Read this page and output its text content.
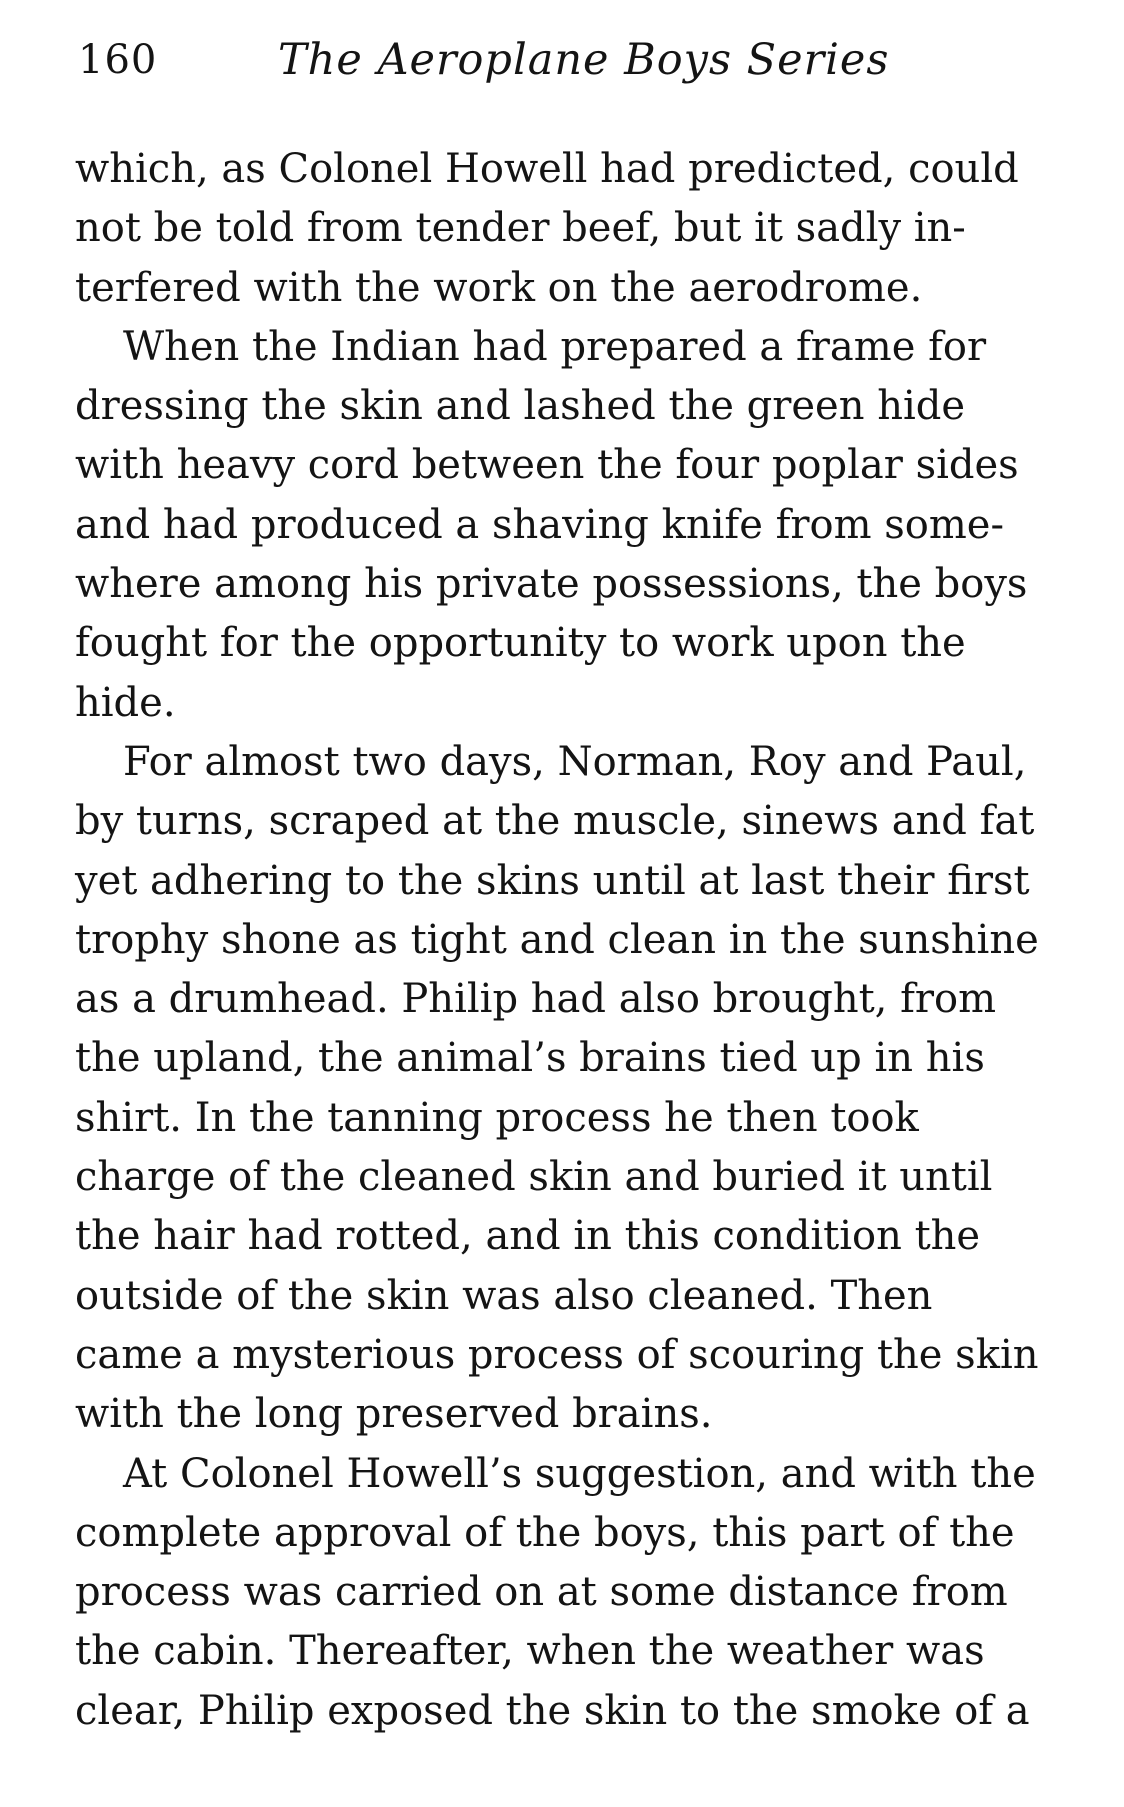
160	The Aeroplane Boys Series
which, as Colonel Howell had predicted, could
not be told from tender beef, but it sadly in-
terfered with the work on the aerodrome.
When the Indian had prepared a frame for
dressing the skin and lashed the green hide
with heavy cord between the four poplar sides
and had produced a shaving knife from some-
where among his private possessions, the boys
fought for the opportunity to work upon the
hide.
For almost two days, Norman, Roy and Paul,
by turns, scraped at the muscle, sinews and fat
yet adhering to the skins until at last their first
trophy shone as tight and clean in the sunshine
as a drumhead. Philip had also brought, from
the upland, the animal’s brains tied up in his
shirt. In the tanning process he then took
charge of the cleaned skin and buried it until
the hair had rotted, and in this condition the
outside of the skin was also cleaned. Then
came a mysterious process of scouring the skin
with the long preserved brains.
At Colonel Howell’s suggestion, and with the
complete approval of the boys, this part of the
process was carried on at some distance from
the cabin. Thereafter, when the weather was
clear, Philip exposed the skin to the smoke of a
